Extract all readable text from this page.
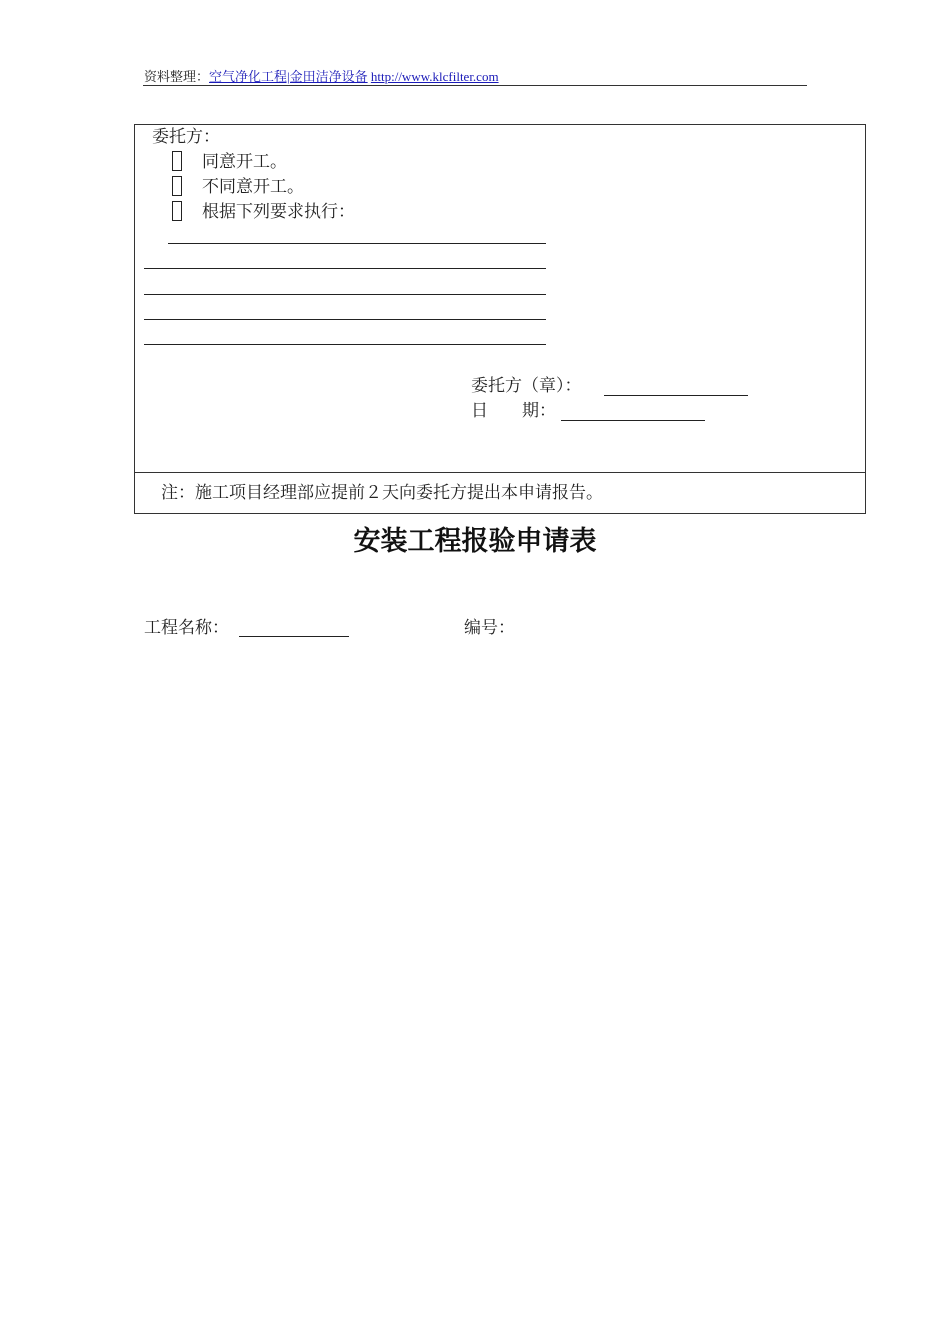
资料整理：空气净化工程|金田洁净设备 http://www.klcfilter.com
委托方：
同意开工。
不同意开工。
根据下列要求执行：
委托方（章）：
日　　期：
注：施工项目经理部应提前２天向委托方提出本申请报告。
安装工程报验申请表
工程名称：	编号：
